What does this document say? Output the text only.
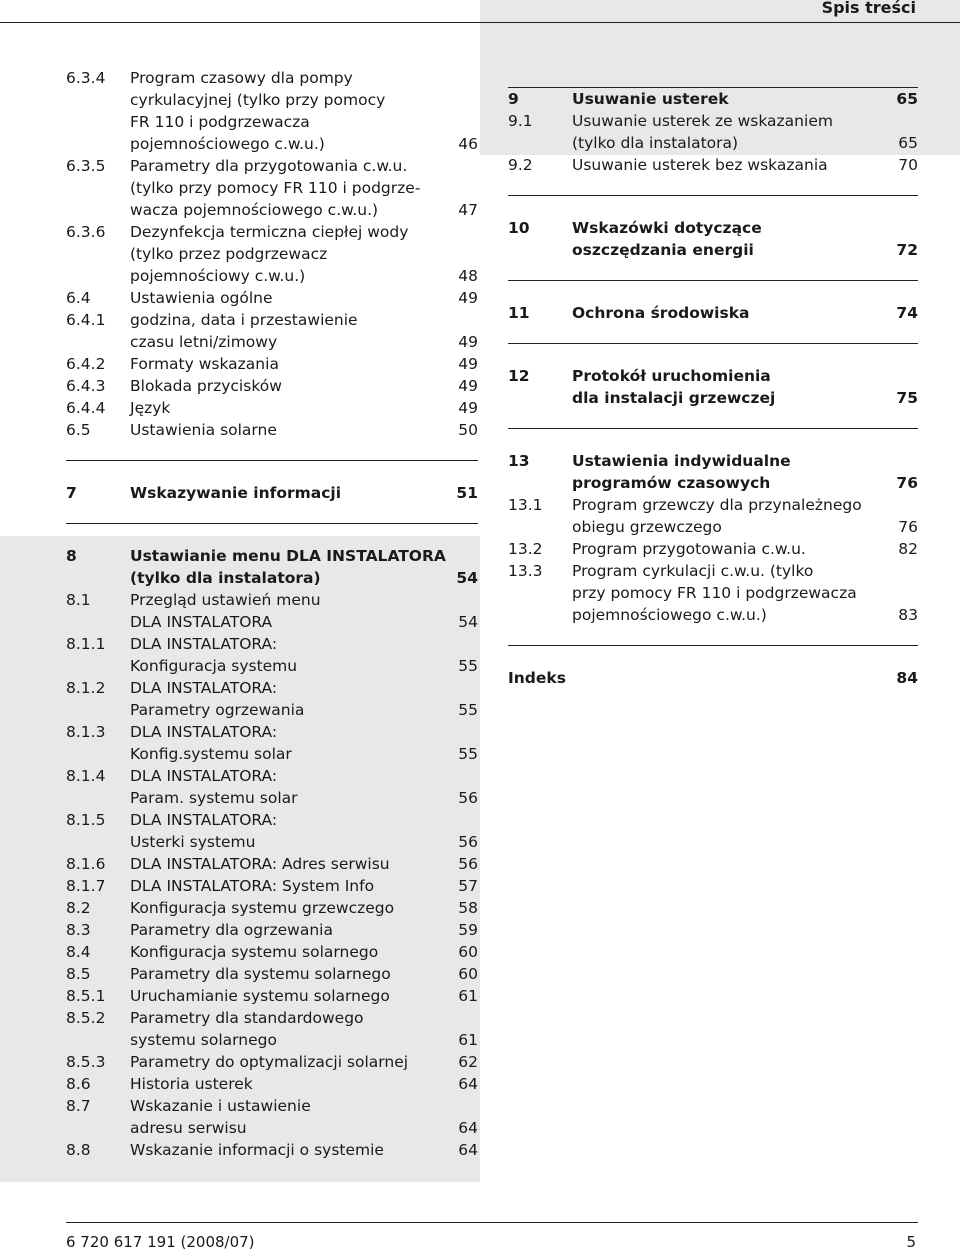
Spis treści
6.3.4	Program czasowy dla pompy
cyrkulacyjnej (tylko przy pomocy
FR 110 i podgrzewacza
pojemnościowego c.w.u.)	46
6.3.5	Parametry dla przygotowania c.w.u.
(tylko przy pomocy FR 110 i podgrze-
wacza pojemnościowego c.w.u.)	47
6.3.6	Dezynfekcja termiczna ciepłej wody
(tylko przez podgrzewacz
pojemnościowy c.w.u.)	48
6.4	Ustawienia ogólne	49
6.4.1	godzina, data i przestawienie
czasu letni/zimowy	49
6.4.2	Formaty wskazania	49
6.4.3	Blokada przycisków	49
6.4.4	Język	49
6.5	Ustawienia solarne	50
7	Wskazywanie informacji	51
8	Ustawianie menu DLA INSTALATORA
(tylko dla instalatora)	54
8.1	Przegląd ustawień menu
DLA INSTALATORA	54
8.1.1	DLA INSTALATORA:
Konfiguracja systemu	55
8.1.2	DLA INSTALATORA:
Parametry ogrzewania	55
8.1.3	DLA INSTALATORA:
Konfig.systemu solar	55
8.1.4	DLA INSTALATORA:
Param. systemu solar	56
8.1.5	DLA INSTALATORA:
Usterki systemu	56
8.1.6	DLA INSTALATORA: Adres serwisu	56
8.1.7	DLA INSTALATORA: System Info	57
8.2	Konfiguracja systemu grzewczego	58
8.3	Parametry dla ogrzewania	59
8.4	Konfiguracja systemu solarnego	60
8.5	Parametry dla systemu solarnego	60
8.5.1	Uruchamianie systemu solarnego	61
8.5.2	Parametry dla standardowego
systemu solarnego	61
8.5.3	Parametry do optymalizacji solarnej	62
8.6	Historia usterek	64
8.7	Wskazanie i ustawienie
adresu serwisu	64
8.8	Wskazanie informacji o systemie	64
9	Usuwanie usterek	65
9.1	Usuwanie usterek ze wskazaniem
(tylko dla instalatora)	65
9.2	Usuwanie usterek bez wskazania	70
10	Wskazówki dotyczące
oszczędzania energii	72
11	Ochrona środowiska	74
12	Protokół uruchomienia
dla instalacji grzewczej	75
13	Ustawienia indywidualne
programów czasowych	76
13.1	Program grzewczy dla przynależnego
obiegu grzewczego	76
13.2	Program przygotowania c.w.u.	82
13.3	Program cyrkulacji c.w.u. (tylko
przy pomocy FR 110 i podgrzewacza
pojemnościowego c.w.u.)	83
Indeks	84
6 720 617 191 (2008/07)	5
